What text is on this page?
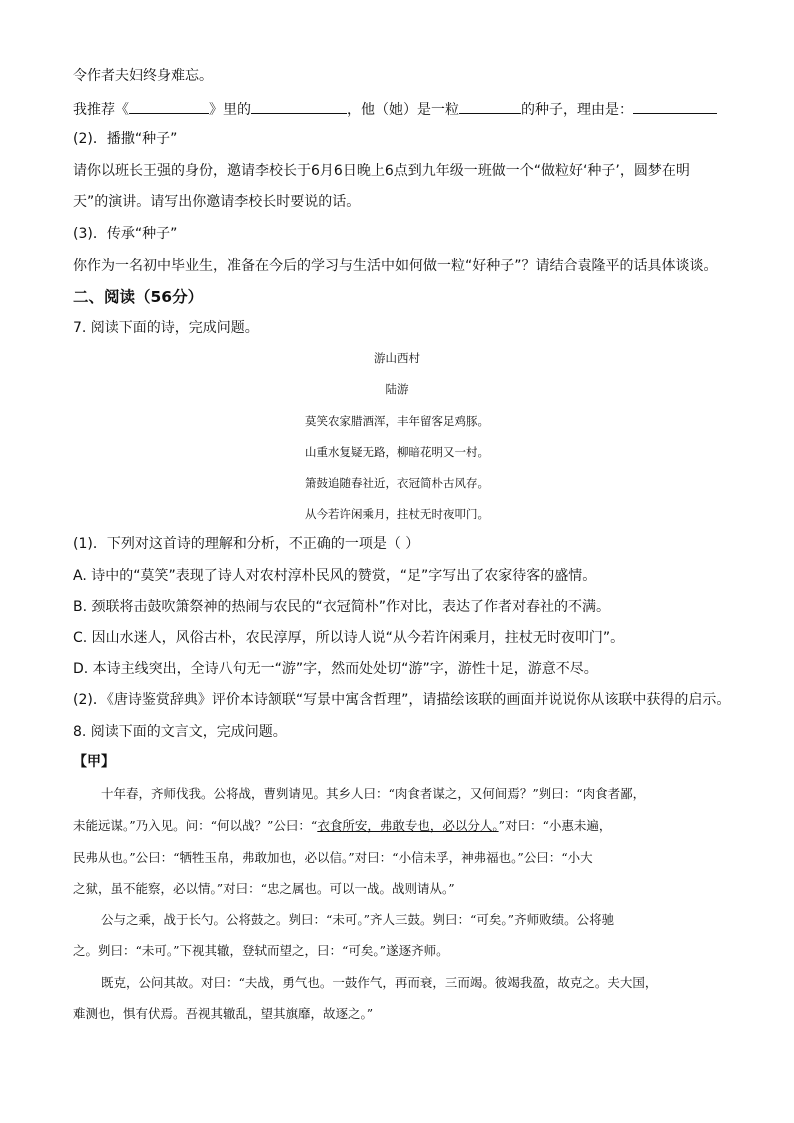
令作者夫妇终身难忘。
我推荐《	》里的	，他（她）是一粒	的种子，理由是：
(2)．播撒“种子”
请你以班长王强的身份，邀请李校长于6月6日晚上6点到九年级一班做一个“做粒好‘种子’，圆梦在明
天”的演讲。请写出你邀请李校长时要说的话。
(3)．传承“种子”
你作为一名初中毕业生，准备在今后的学习与生活中如何做一粒“好种子”？请结合袁隆平的话具体谈谈。
二、阅读（56分）
7. 阅读下面的诗，完成问题。
游山西村
陆游
莫笑农家腊酒浑，丰年留客足鸡豚。
山重水复疑无路，柳暗花明又一村。
箫鼓追随春社近，衣冠简朴古风存。
从今若许闲乘月，拄杖无时夜叩门。
(1)．下列对这首诗的理解和分析，不正确的一项是（ ）
A. 诗中的“莫笑”表现了诗人对农村淳朴民风的赞赏，“足”字写出了农家待客的盛情。
B. 颈联将击鼓吹箫祭神的热闹与农民的“衣冠简朴”作对比，表达了作者对春社的不满。
C. 因山水迷人，风俗古朴，农民淳厚，所以诗人说“从今若许闲乘月，拄杖无时夜叩门”。
D. 本诗主线突出，全诗八句无一“游”字，然而处处切“游”字，游性十足，游意不尽。
(2)．《唐诗鉴赏辞典》评价本诗颔联“写景中寓含哲理”，请描绘该联的画面并说说你从该联中获得的启示。
8. 阅读下面的文言文，完成问题。
【甲】
十年春，齐师伐我。公将战，曹刿请见。其乡人曰：“肉食者谋之，又何间焉？”刿曰：“肉食者鄙，
未能远谋。”乃入见。问：“何以战？”公曰：“衣食所安，弗敢专也，必以分人。”对曰：“小惠未遍，
民弗从也。”公曰：“牺牲玉帛，弗敢加也，必以信。”对曰：“小信未孚，神弗福也。”公曰：“小大
之狱，虽不能察，必以情。”对曰：“忠之属也。可以一战。战则请从。”
公与之乘，战于长勺。公将鼓之。刿曰：“未可。”齐人三鼓。刿曰：“可矣。”齐师败绩。公将驰
之。刿曰：“未可。”下视其辙，登轼而望之，曰：“可矣。”遂逐齐师。
既克，公问其故。对曰：“夫战，勇气也。一鼓作气，再而衰，三而竭。彼竭我盈，故克之。夫大国，
难测也，惧有伏焉。吾视其辙乱，望其旗靡，故逐之。”
